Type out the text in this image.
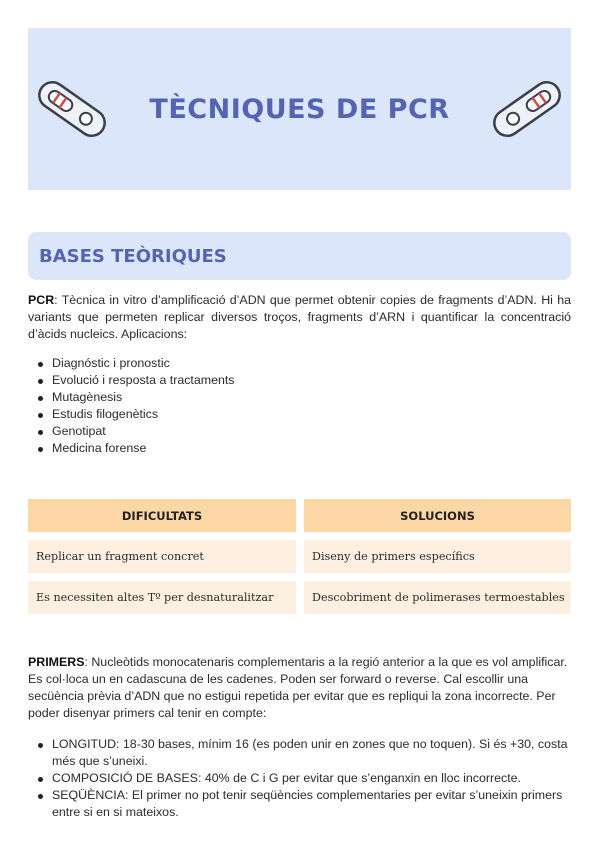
TÈCNIQUES DE PCR
BASES TEÒRIQUES

PCR: Tècnica in vitro d’amplificació d’ADN que permet obtenir copies de fragments d’ADN. Hi ha variants que permeten replicar diversos troços, fragments d’ARN i quantificar la concentració d’àcids nucleics. Aplicacions:

Diagnóstic i pronostic
Evolució i resposta a tractaments
Mutagènesis
Estudis filogenètics
Genotipat
Medicina forense
DIFICULTATS	SOLUCIONS
Replicar un fragment concret	Diseny de primers específics
Es necessiten altes Tº per desnaturalitzar	Descobriment de polimerases termoestables

PRIMERS: Nucleòtids monocatenaris complementaris a la regió anterior a la que es vol amplificar. Es col·loca un en cadascuna de les cadenes. Poden ser forward o reverse. Cal escollir una secüència prèvia d’ADN que no estigui repetida per evitar que es repliqui la zona incorrecte. Per poder disenyar primers cal tenir en compte:

LONGITUD: 18-30 bases, mínim 16 (es poden unir en zones que no toquen). Si és +30, costa més que s’uneixi.
COMPOSICIÓ DE BASES: 40% de C i G per evitar que s’enganxin en lloc incorrecte.
SEQÜÈNCIA: El primer no pot tenir seqüències complementaries per evitar s’uneixin primers entre si en si mateixos.
